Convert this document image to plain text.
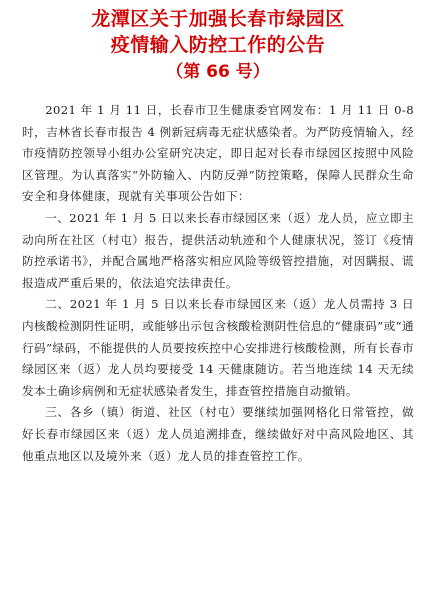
龙潭区关于加强长春市绿园区
疫情输入防控工作的公告
（第 66 号）

2021 年 1 月 11 日，长春市卫生健康委官网发布：1 月 11 日 0-8 时，吉林省长春市报告 4 例新冠病毒无症状感染者。为严防疫情输入，经市疫情防控领导小组办公室研究决定，即日起对长春市绿园区按照中风险区管理。为认真落实“外防输入、内防反弹”防控策略，保障人民群众生命安全和身体健康，现就有关事项公告如下：

一、2021 年 1 月 5 日以来长春市绿园区来（返）龙人员，应立即主动向所在社区（村屯）报告，提供活动轨迹和个人健康状况，签订《疫情防控承诺书》，并配合属地严格落实相应风险等级管控措施，对因瞒报、谎报造成严重后果的，依法追究法律责任。

二、2021 年 1 月 5 日以来长春市绿园区来（返）龙人员需持 3 日内核酸检测阴性证明，或能够出示包含核酸检测阴性信息的“健康码”或“通行码”绿码，不能提供的人员要按疾控中心安排进行核酸检测，所有长春市绿园区来（返）龙人员均要接受 14 天健康随访。若当地连续 14 天无续发本土确诊病例和无症状感染者发生，排查管控措施自动撤销。

三、各乡（镇）街道、社区（村屯）要继续加强网格化日常管控，做好长春市绿园区来（返）龙人员追溯排查，继续做好对中高风险地区、其他重点地区以及境外来（返）龙人员的排查管控工作。
